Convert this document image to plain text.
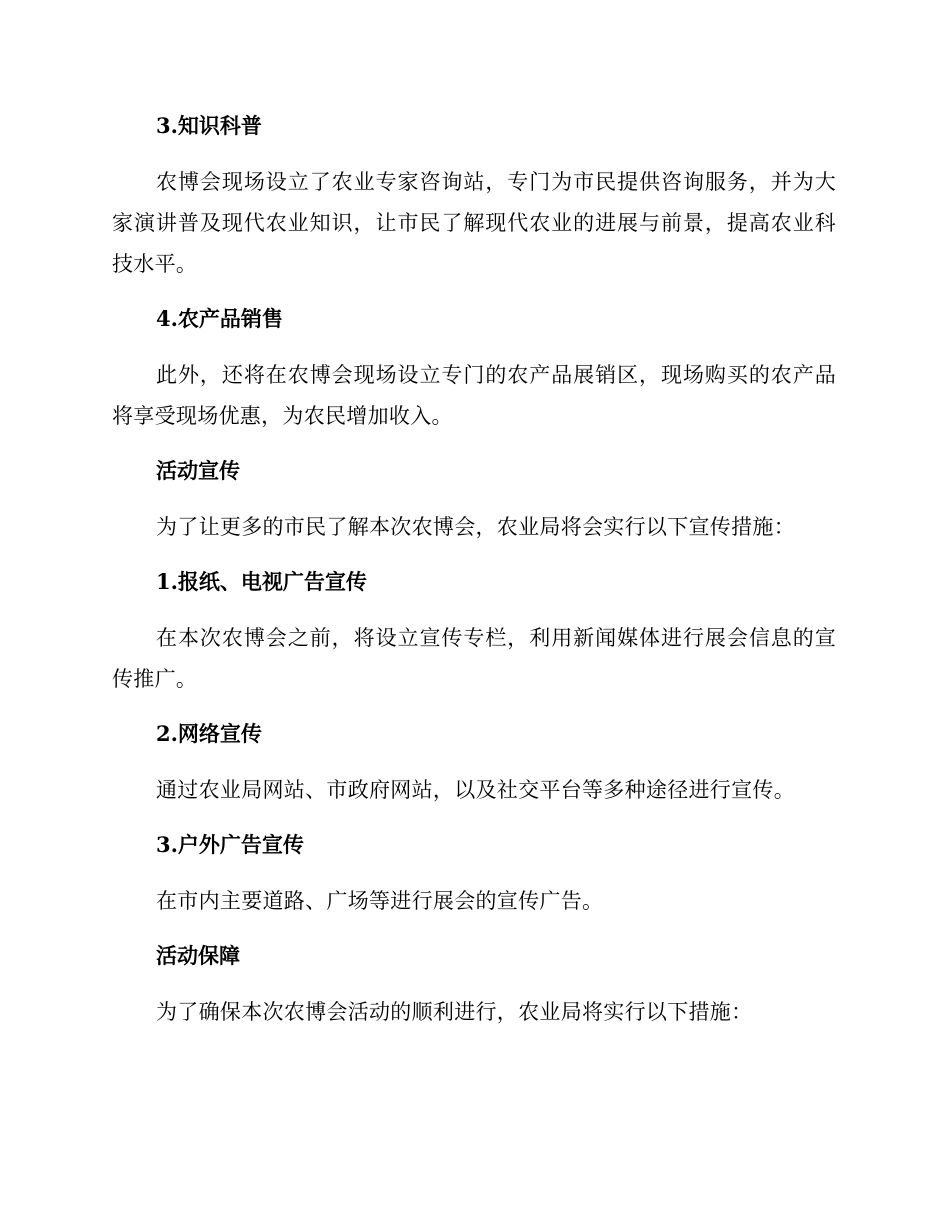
3.知识科普

农博会现场设立了农业专家咨询站，专门为市民提供咨询服务，并为大家演讲普及现代农业知识，让市民了解现代农业的进展与前景，提高农业科技水平。

4.农产品销售

此外，还将在农博会现场设立专门的农产品展销区，现场购买的农产品将享受现场优惠，为农民增加收入。

活动宣传

为了让更多的市民了解本次农博会，农业局将会实行以下宣传措施：

1.报纸、电视广告宣传

在本次农博会之前，将设立宣传专栏，利用新闻媒体进行展会信息的宣传推广。

2.网络宣传

通过农业局网站、市政府网站，以及社交平台等多种途径进行宣传。

3.户外广告宣传

在市内主要道路、广场等进行展会的宣传广告。

活动保障

为了确保本次农博会活动的顺利进行，农业局将实行以下措施：
